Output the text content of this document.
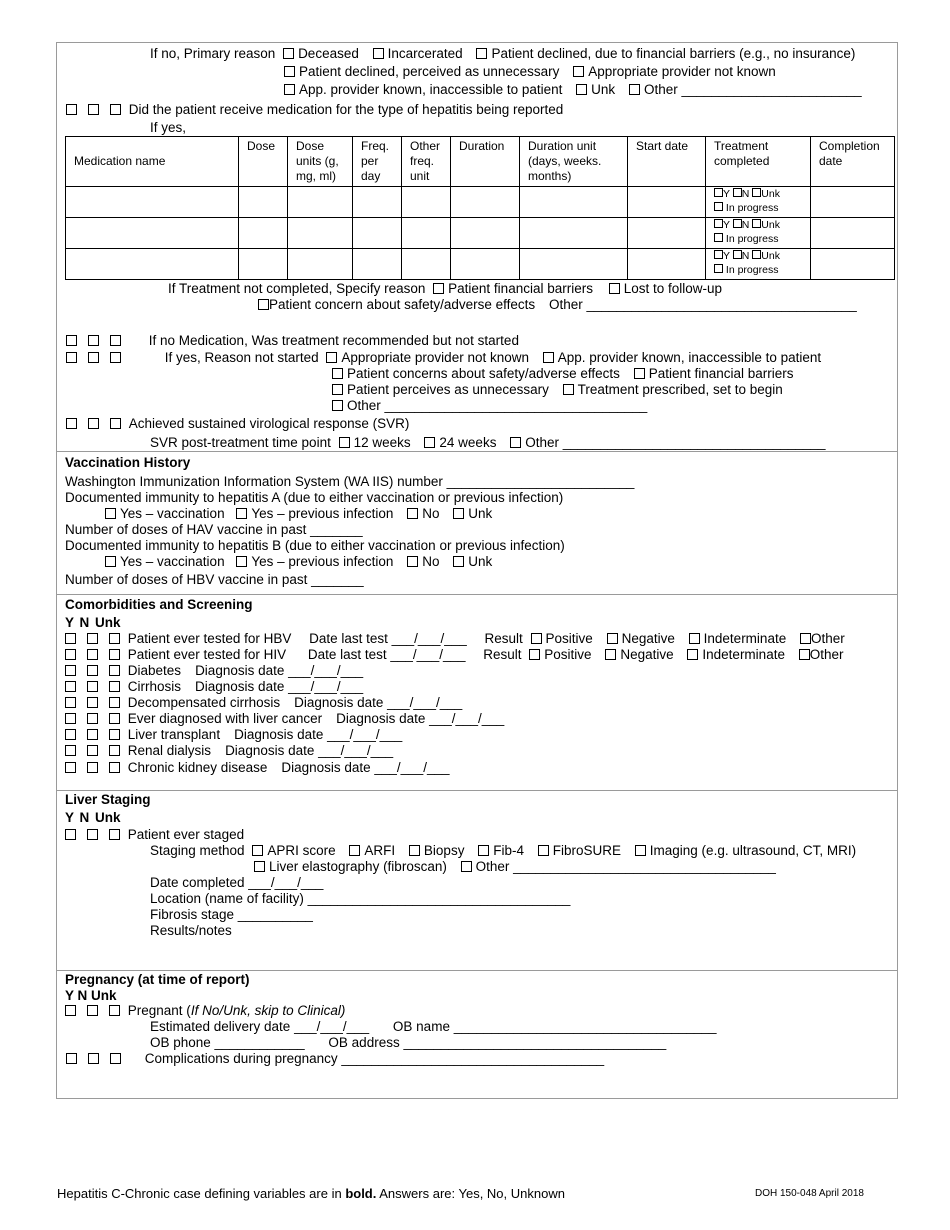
If no, Primary reason Deceased Incarcerated Patient declined, due to financial barriers (e.g., no insurance)
Patient declined, perceived as unnecessary Appropriate provider not known
App. provider known, inaccessible to patient Unk Other ________________________
Did the patient receive medication for the type of hepatitis being reported
If yes,
Medication name	Dose	Dose units (g, mg, ml)	Freq. per day	Other freq. unit	Duration	Duration unit (days, weeks. months)	Start date	Treatment completed	Completion date
								Y N Unk
In progress	
								Y N Unk
In progress	
								Y N Unk
In progress	
If Treatment not completed, Specify reason Patient financial barriers Lost to follow-up
Patient concern about safety/adverse effects Other ____________________________________
If no Medication, Was treatment recommended but not started
If yes, Reason not started Appropriate provider not known App. provider known, inaccessible to patient
Patient concerns about safety/adverse effects Patient financial barriers
Patient perceives as unnecessary Treatment prescribed, set to begin
Other ___________________________________
Achieved sustained virological response (SVR)
SVR post-treatment time point 12 weeks 24 weeks Other ___________________________________
Vaccination History
Washington Immunization Information System (WA IIS) number _________________________
Documented immunity to hepatitis A (due to either vaccination or previous infection)
Yes – vaccination Yes – previous infection No Unk
Number of doses of HAV vaccine in past _______
Documented immunity to hepatitis B (due to either vaccination or previous infection)
Yes – vaccination Yes – previous infection No Unk
Number of doses of HBV vaccine in past _______
Comorbidities and Screening
Y N Unk
Patient ever tested for HBV Date last test ___/___/___ Result Positive Negative Indeterminate Other
Patient ever tested for HIV Date last test ___/___/___ Result Positive Negative Indeterminate Other
Diabetes Diagnosis date ___/___/___
Cirrhosis Diagnosis date ___/___/___
Decompensated cirrhosis Diagnosis date ___/___/___
Ever diagnosed with liver cancer Diagnosis date ___/___/___
Liver transplant Diagnosis date ___/___/___
Renal dialysis Diagnosis date ___/___/___
Chronic kidney disease Diagnosis date ___/___/___
Liver Staging
Y N Unk
Patient ever staged
Staging method APRI score ARFI Biopsy Fib-4 FibroSURE Imaging (e.g. ultrasound, CT, MRI)
Liver elastography (fibroscan) Other ___________________________________
Date completed ___/___/___
Location (name of facility) ___________________________________
Fibrosis stage __________
Results/notes
Pregnancy (at time of report)
Y N Unk
Pregnant (If No/Unk, skip to Clinical)
Estimated delivery date ___/___/___ OB name ___________________________________
OB phone ____________ OB address ___________________________________
Complications during pregnancy ___________________________________
Hepatitis C-Chronic case defining variables are in bold. Answers are: Yes, No, Unknown	DOH 150-048 April 2018
